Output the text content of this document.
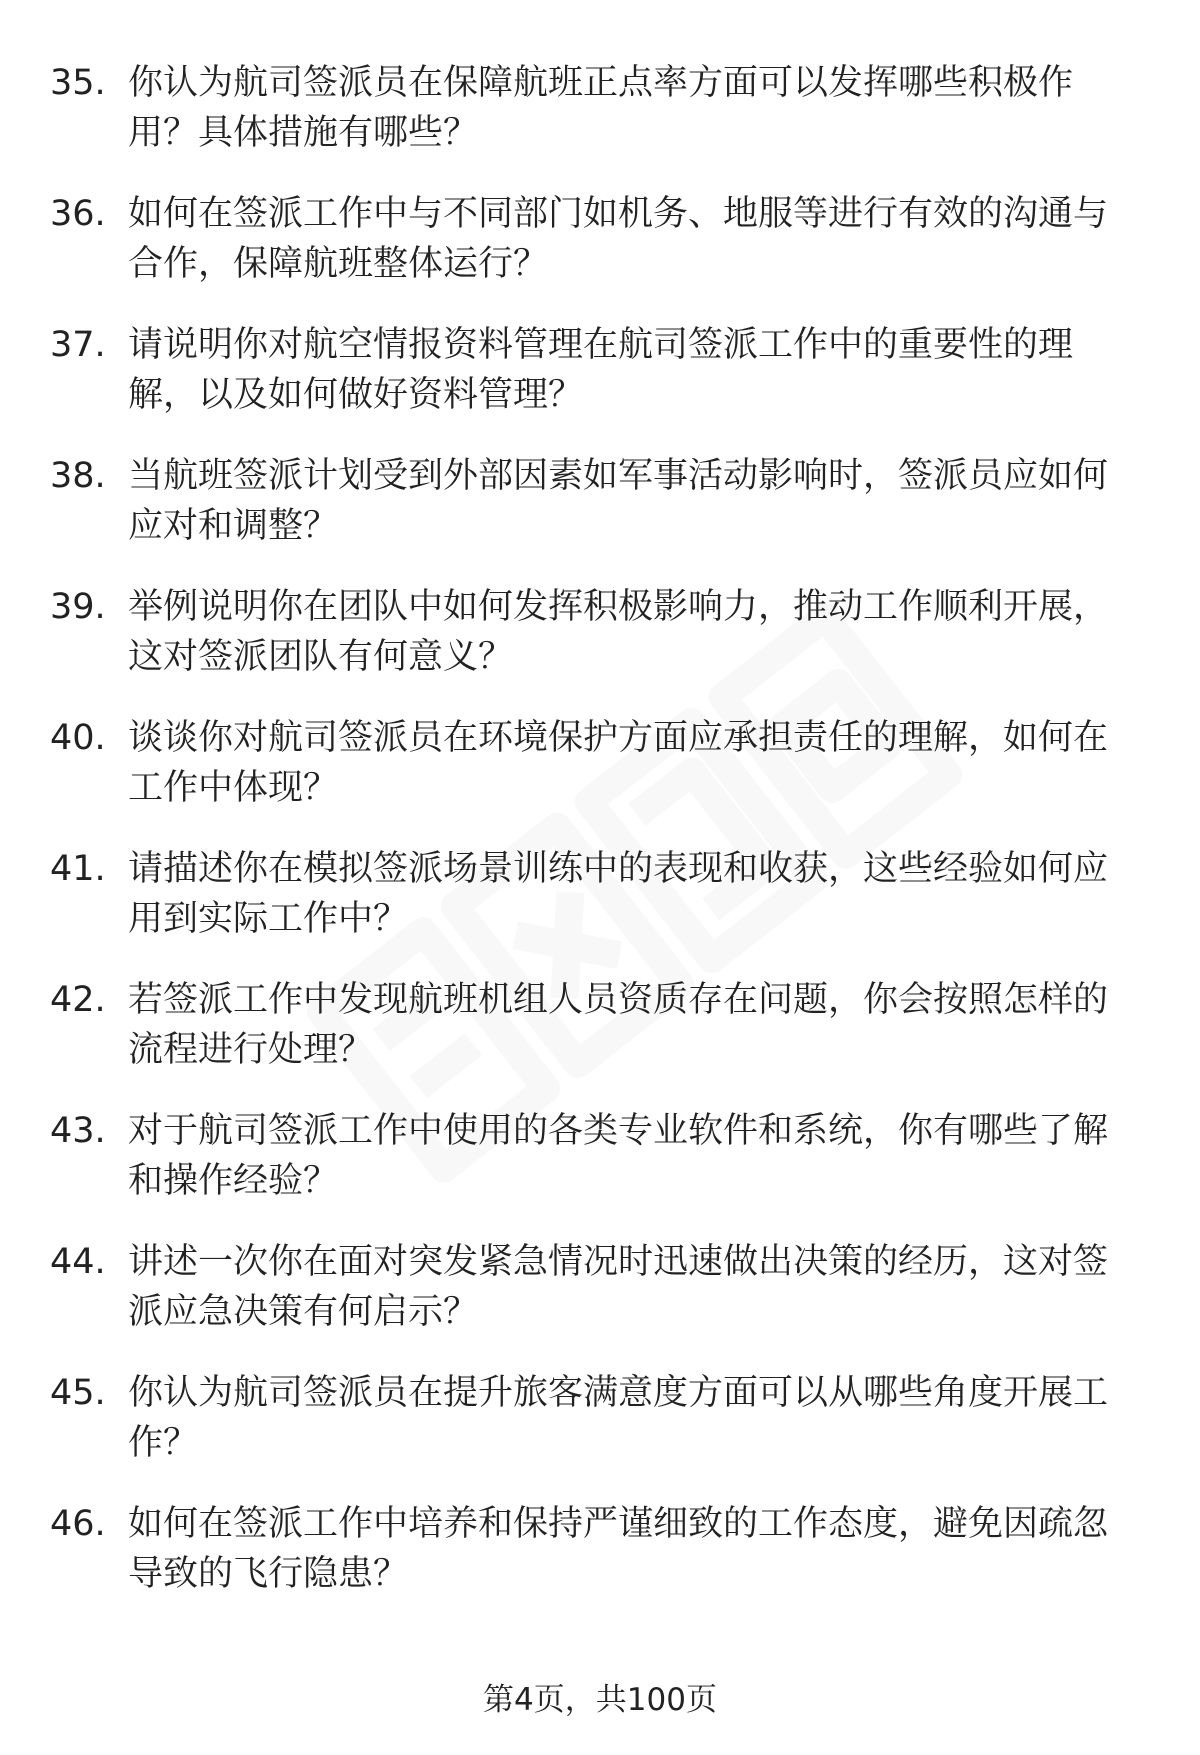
35. 你认为航司签派员在保障航班正点率方面可以发挥哪些积极作用？具体措施有哪些？
36. 如何在签派工作中与不同部门如机务、地服等进行有效的沟通与合作，保障航班整体运行？
37. 请说明你对航空情报资料管理在航司签派工作中的重要性的理解，以及如何做好资料管理？
38. 当航班签派计划受到外部因素如军事活动影响时，签派员应如何应对和调整？
39. 举例说明你在团队中如何发挥积极影响力，推动工作顺利开展，这对签派团队有何意义？
40. 谈谈你对航司签派员在环境保护方面应承担责任的理解，如何在工作中体现？
41. 请描述你在模拟签派场景训练中的表现和收获，这些经验如何应用到实际工作中？
42. 若签派工作中发现航班机组人员资质存在问题，你会按照怎样的流程进行处理？
43. 对于航司签派工作中使用的各类专业软件和系统，你有哪些了解和操作经验？
44. 讲述一次你在面对突发紧急情况时迅速做出决策的经历，这对签派应急决策有何启示？
45. 你认为航司签派员在提升旅客满意度方面可以从哪些角度开展工作？
46. 如何在签派工作中培养和保持严谨细致的工作态度，避免因疏忽导致的飞行隐患？
第4页，共100页
